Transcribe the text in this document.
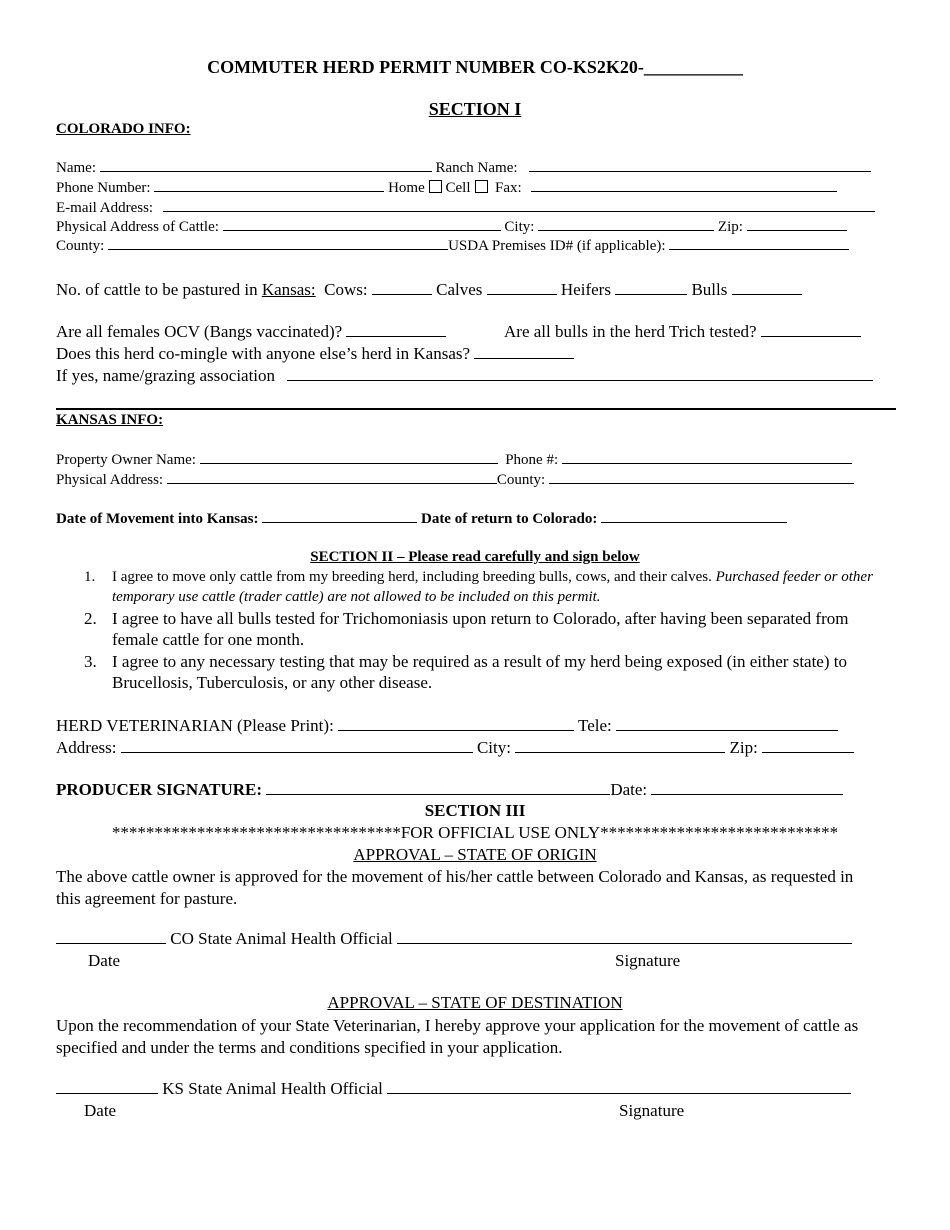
COMMUTER HERD PERMIT NUMBER CO-KS2K20-___________
SECTION I
COLORADO INFO:
Name:	Ranch Name:
Phone Number:	Home Cell Fax:
E-mail Address:
Physical Address of Cattle:	City:	Zip:
County:	USDA Premises ID# (if applicable):
No. of cattle to be pastured in Kansas: Cows:	Calves	Heifers	Bulls
Are all females OCV (Bangs vaccinated)?	Are all bulls in the herd Trich tested?
Does this herd co-mingle with anyone else’s herd in Kansas?
If yes, name/grazing association
KANSAS INFO:
Property Owner Name:	Phone #:
Physical Address:	County:
Date of Movement into Kansas:	Date of return to Colorado:
SECTION II – Please read carefully and sign below
1. I agree to move only cattle from my breeding herd, including breeding bulls, cows, and their calves. Purchased feeder or other temporary use cattle (trader cattle) are not allowed to be included on this permit.
2. I agree to have all bulls tested for Trichomoniasis upon return to Colorado, after having been separated from female cattle for one month.
3. I agree to any necessary testing that may be required as a result of my herd being exposed (in either state) to Brucellosis, Tuberculosis, or any other disease.
HERD VETERINARIAN (Please Print):	Tele:
Address:	City:	Zip:
PRODUCER SIGNATURE:	Date:
SECTION III
**********************************FOR OFFICIAL USE ONLY****************************
APPROVAL – STATE OF ORIGIN
The above cattle owner is approved for the movement of his/her cattle between Colorado and Kansas, as requested in this agreement for pasture.
CO State Animal Health Official
Date	Signature
APPROVAL – STATE OF DESTINATION
Upon the recommendation of your State Veterinarian, I hereby approve your application for the movement of cattle as specified and under the terms and conditions specified in your application.
KS State Animal Health Official
Date	Signature
